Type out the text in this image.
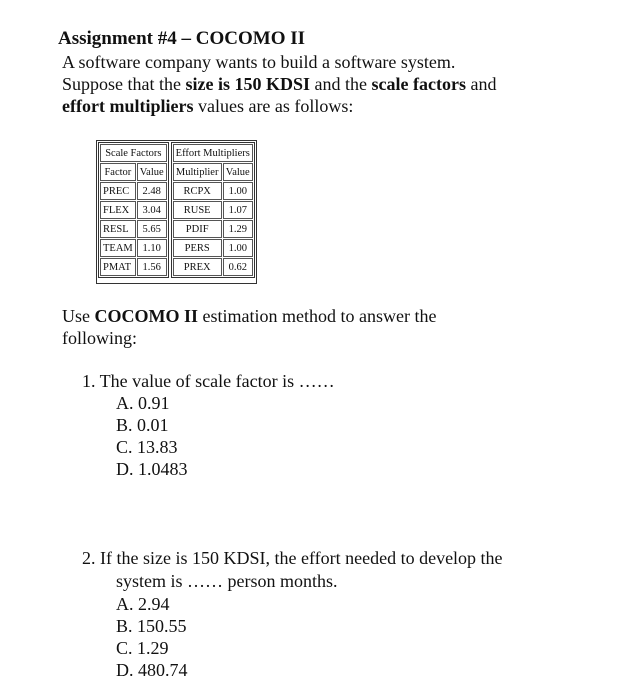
Assignment #4 – COCOMO II
A software company wants to build a software system.
Suppose that the size is 150 KDSI and the scale factors and
effort multipliers values are as follows:
Scale Factors	
Factor	Value
PREC	2.48
FLEX	3.04
RESL	5.65
TEAM	1.10
PMAT	1.56
Effort Multipliers	
Multiplier	Value
RCPX	1.00
RUSE	1.07
PDIF	1.29
PERS	1.00
PREX	0.62
Use COCOMO II estimation method to answer the
following:
1. The value of scale factor is ……
A. 0.91
B. 0.01
C. 13.83
D. 1.0483
2. If the size is 150 KDSI, the effort needed to develop the
system is …… person months.
A. 2.94
B. 150.55
C. 1.29
D. 480.74
